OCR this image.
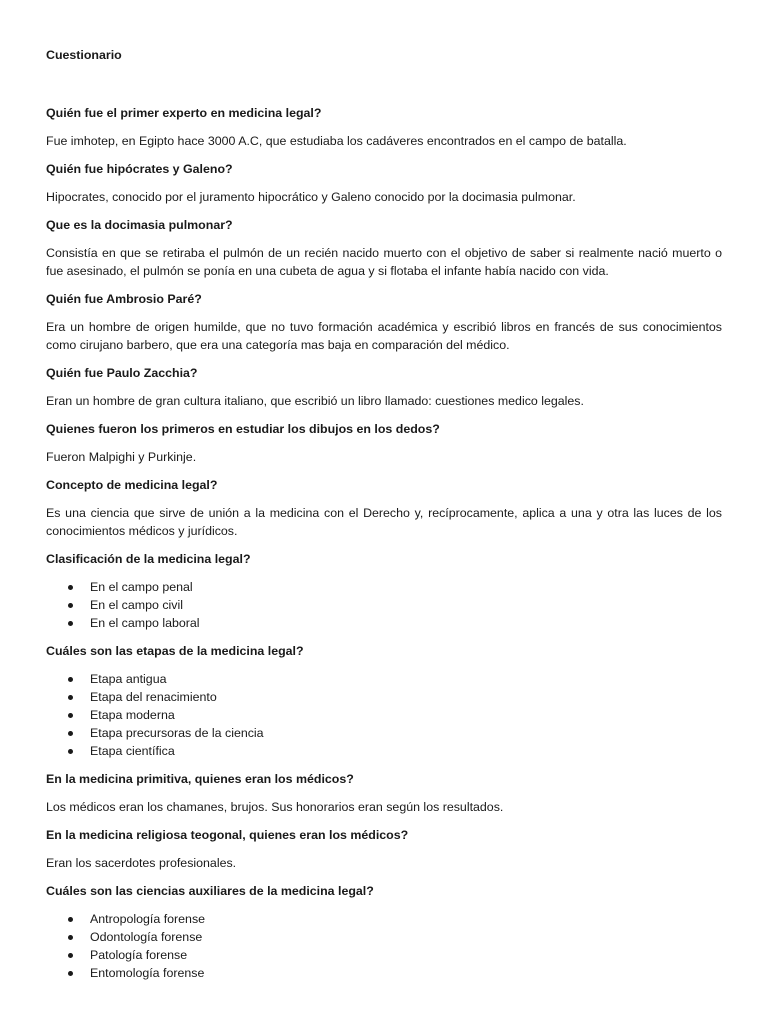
Cuestionario
Quién fue el primer experto en medicina legal?
Fue imhotep, en Egipto hace 3000 A.C, que estudiaba los cadáveres encontrados en el campo de batalla.
Quién fue hipócrates y Galeno?
Hipocrates, conocido por el juramento hipocrático y Galeno conocido por la docimasia pulmonar.
Que es la docimasia pulmonar?
Consistía en que se retiraba el pulmón de un recién nacido muerto con el objetivo de saber si realmente nació muerto o fue asesinado, el pulmón se ponía en una cubeta de agua y si flotaba el infante había nacido con vida.
Quién fue Ambrosio Paré?
Era un hombre de origen humilde, que no tuvo formación académica y escribió libros en francés de sus conocimientos como cirujano barbero, que era una categoría mas baja en comparación del médico.
Quién fue Paulo Zacchia?
Eran un hombre de gran cultura italiano, que escribió un libro llamado: cuestiones medico legales.
Quienes fueron los primeros en estudiar los dibujos en los dedos?
Fueron Malpighi y Purkinje.
Concepto de medicina legal?
Es una ciencia que sirve de unión a la medicina con el Derecho y, recíprocamente, aplica a una y otra las luces de los conocimientos médicos y jurídicos.
Clasificación de la medicina legal?
En el campo penal
En el campo civil
En el campo laboral
Cuáles son las etapas de la medicina legal?
Etapa antigua
Etapa del renacimiento
Etapa moderna
Etapa precursoras de la ciencia
Etapa científica
En la medicina primitiva, quienes eran los médicos?
Los médicos eran los chamanes, brujos. Sus honorarios eran según los resultados.
En la medicina religiosa teogonal, quienes eran los médicos?
Eran los sacerdotes profesionales.
Cuáles son las ciencias auxiliares de la medicina legal?
Antropología forense
Odontología forense
Patología forense
Entomología forense
